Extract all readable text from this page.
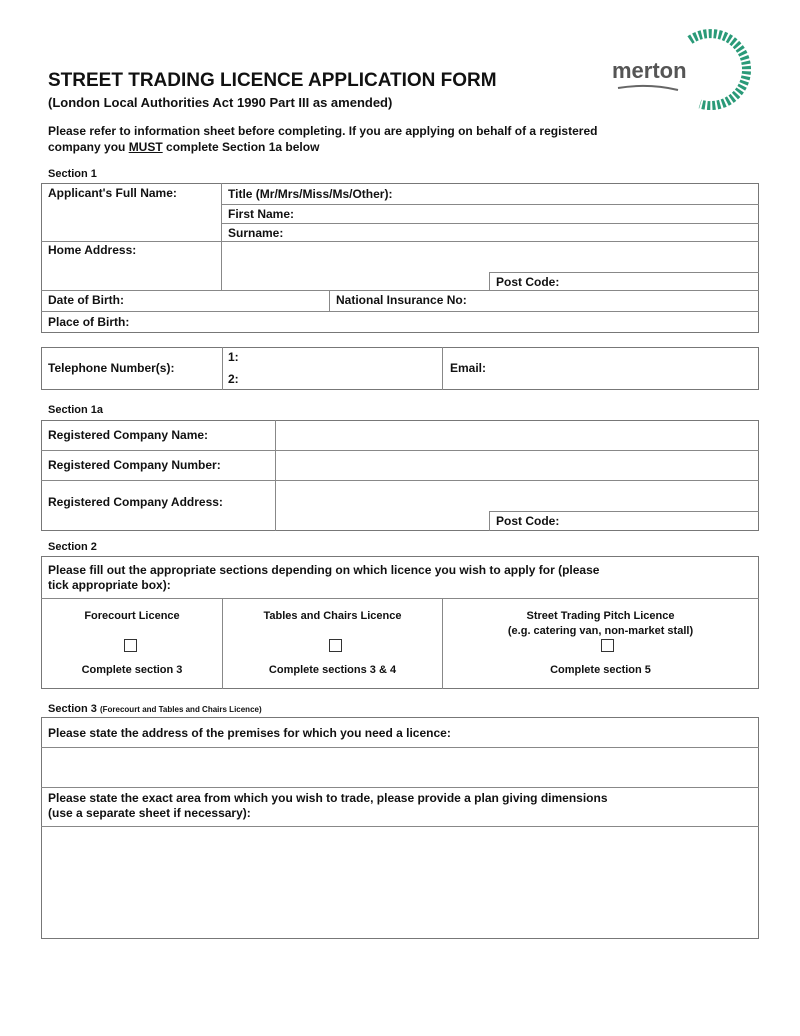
STREET TRADING LICENCE APPLICATION FORM
(London Local Authorities Act 1990 Part III as amended)
merton
Please refer to information sheet before completing. If you are applying on behalf of a registered
company you MUST complete Section 1a below
Section 1
Applicant's Full Name:	Title (Mr/Mrs/Miss/Ms/Other):
First Name:
Surname:
Home Address:
Post Code:
Date of Birth:	National Insurance No:
Place of Birth:
Telephone Number(s):
1:
2:
Email:
Section 1a
Registered Company Name:
Registered Company Number:
Registered Company Address:
Post Code:
Section 2
Please fill out the appropriate sections depending on which licence you wish to apply for (please
tick appropriate box):
Forecourt Licence
Complete section 3
Tables and Chairs Licence
Complete sections 3 & 4
Street Trading Pitch Licence
(e.g. catering van, non-market stall)
Complete section 5
Section 3 (Forecourt and Tables and Chairs Licence)
Please state the address of the premises for which you need a licence:
Please state the exact area from which you wish to trade, please provide a plan giving dimensions
(use a separate sheet if necessary):
